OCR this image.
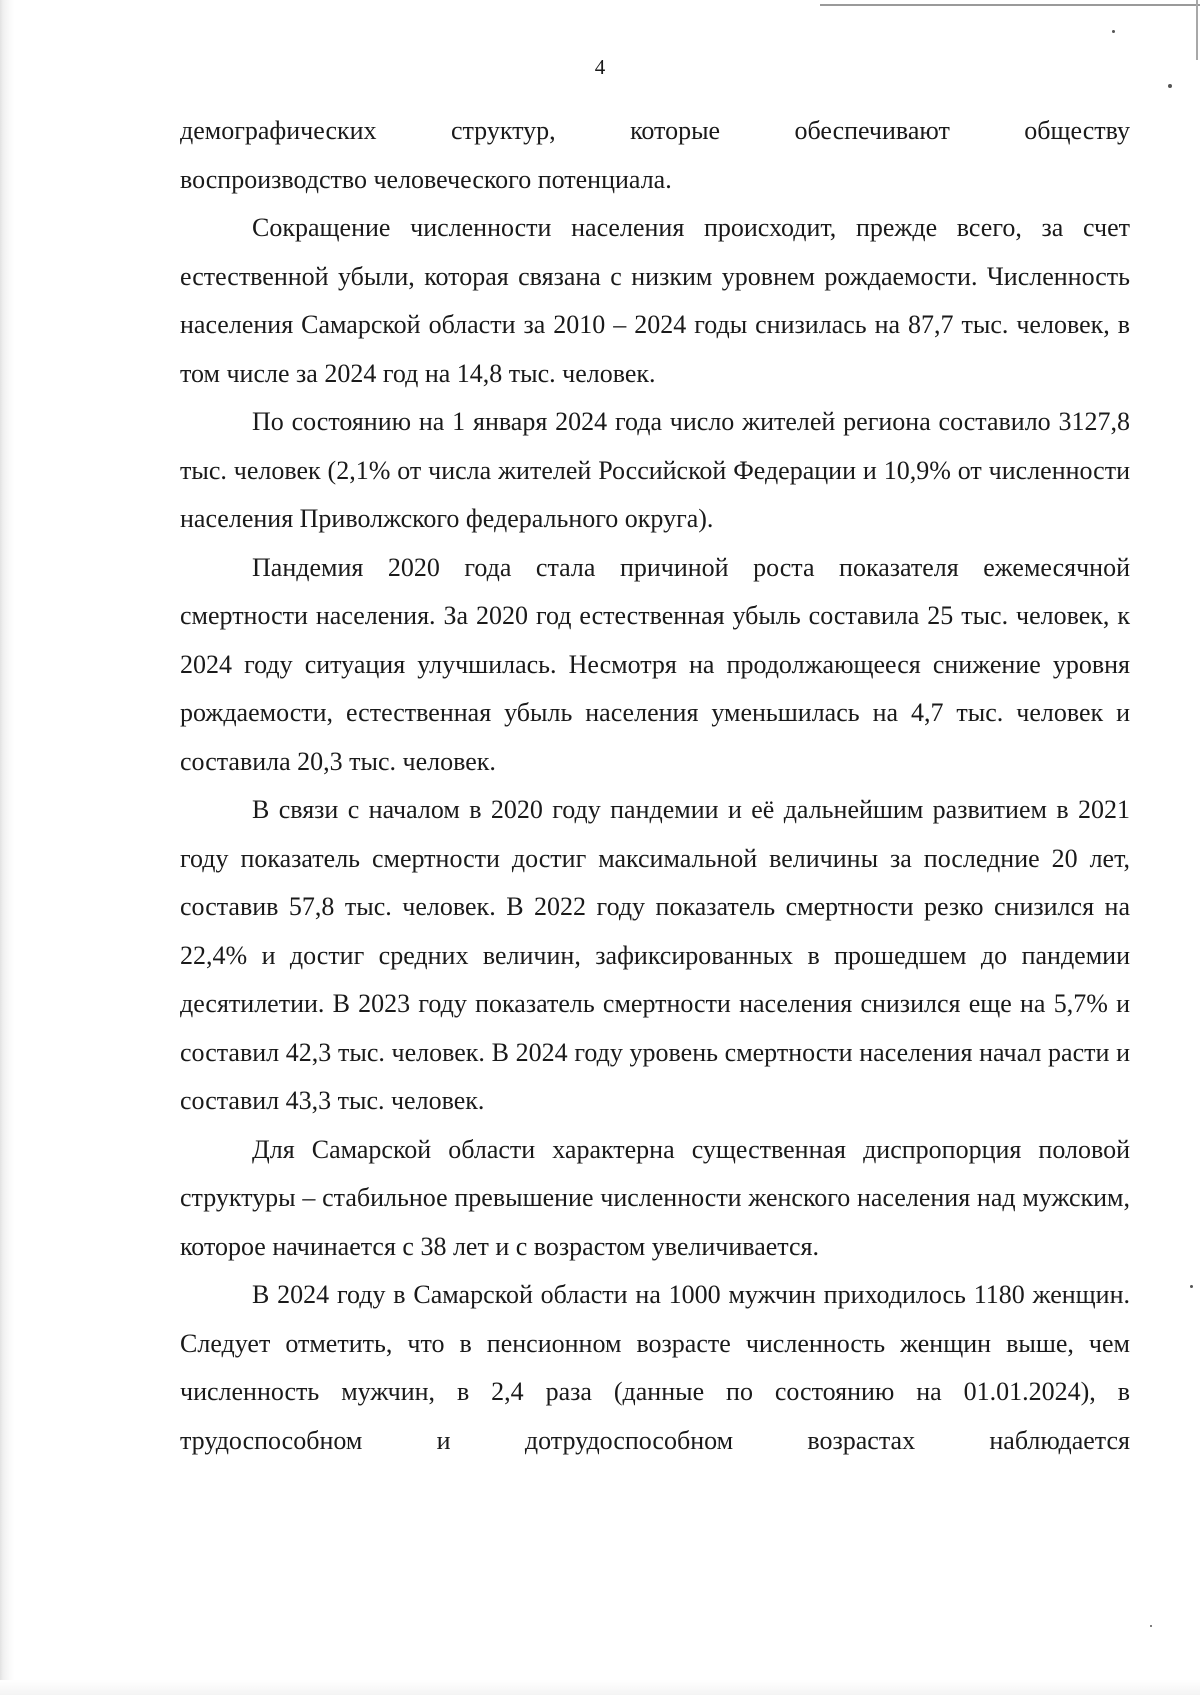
4

демографических структур, которые обеспечивают обществу
воспроизводство человеческого потенциала.

Сокращение численности населения происходит, прежде всего, за счет естественной убыли, которая связана с низким уровнем рождаемости. Численность населения Самарской области за 2010 – 2024 годы снизилась на 87,7 тыс. человек, в том числе за 2024 год на 14,8 тыс. человек.

По состоянию на 1 января 2024 года число жителей региона составило 3127,8 тыс. человек (2,1% от числа жителей Российской Федерации и 10,9% от численности населения Приволжского федерального округа).

Пандемия 2020 года стала причиной роста показателя ежемесячной смертности населения. За 2020 год естественная убыль составила 25 тыс. человек, к 2024 году ситуация улучшилась. Несмотря на продолжающееся снижение уровня рождаемости, естественная убыль населения уменьшилась на 4,7 тыс. человек и составила 20,3 тыс. человек.

В связи с началом в 2020 году пандемии и её дальнейшим развитием в 2021 году показатель смертности достиг максимальной величины за последние 20 лет, составив 57,8 тыс. человек. В 2022 году показатель смертности резко снизился на 22,4% и достиг средних величин, зафиксированных в прошедшем до пандемии десятилетии. В 2023 году показатель смертности населения снизился еще на 5,7% и составил 42,3 тыс. человек. В 2024 году уровень смертности населения начал расти и составил 43,3 тыс. человек.

Для Самарской области характерна существенная диспропорция половой структуры – стабильное превышение численности женского населения над мужским, которое начинается с 38 лет и с возрастом увеличивается.

В 2024 году в Самарской области на 1000 мужчин приходилось 1180 женщин. Следует отметить, что в пенсионном возрасте численность женщин выше, чем численность мужчин, в 2,4 раза (данные по состоянию на 01.01.2024), в трудоспособном и дотрудоспособном возрастах наблюдается
